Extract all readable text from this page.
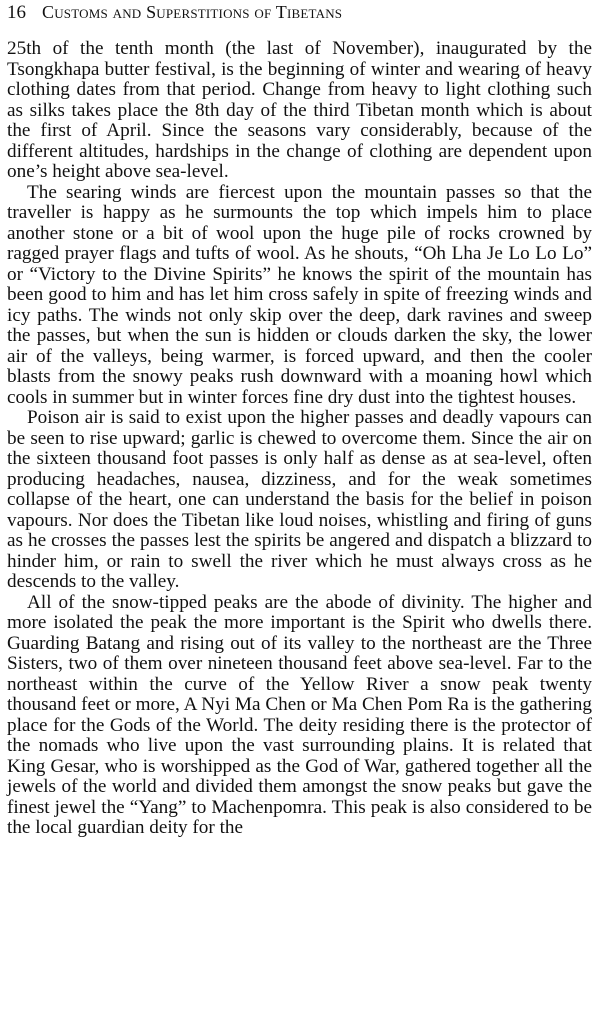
16 Customs and Superstitions of Tibetans

25th of the tenth month (the last of November), inaugurated by the Tsongkhapa butter festival, is the beginning of winter and wearing of heavy clothing dates from that period. Change from heavy to light clothing such as silks takes place the 8th day of the third Tibetan month which is about the first of April. Since the seasons vary considerably, because of the different altitudes, hardships in the change of clothing are dependent upon one’s height above sea-level.

The searing winds are fiercest upon the mountain passes so that the traveller is happy as he surmounts the top which impels him to place another stone or a bit of wool upon the huge pile of rocks crowned by ragged prayer flags and tufts of wool. As he shouts, “Oh Lha Je Lo Lo Lo” or “Victory to the Divine Spirits” he knows the spirit of the mountain has been good to him and has let him cross safely in spite of freezing winds and icy paths. The winds not only skip over the deep, dark ravines and sweep the passes, but when the sun is hidden or clouds darken the sky, the lower air of the valleys, being warmer, is forced upward, and then the cooler blasts from the snowy peaks rush downward with a moaning howl which cools in summer but in winter forces fine dry dust into the tightest houses.

Poison air is said to exist upon the higher passes and deadly vapours can be seen to rise upward; garlic is chewed to overcome them. Since the air on the sixteen thousand foot passes is only half as dense as at sea-level, often producing headaches, nausea, dizziness, and for the weak sometimes collapse of the heart, one can understand the basis for the belief in poison vapours. Nor does the Tibetan like loud noises, whistling and firing of guns as he crosses the passes lest the spirits be angered and dispatch a blizzard to hinder him, or rain to swell the river which he must always cross as he descends to the valley.

All of the snow-tipped peaks are the abode of divinity. The higher and more isolated the peak the more important is the Spirit who dwells there. Guarding Batang and rising out of its valley to the northeast are the Three Sisters, two of them over nineteen thousand feet above sea-level. Far to the northeast within the curve of the Yellow River a snow peak twenty thousand feet or more, A Nyi Ma Chen or Ma Chen Pom Ra is the gathering place for the Gods of the World. The deity residing there is the protector of the nomads who live upon the vast surrounding plains. It is related that King Gesar, who is worshipped as the God of War, gathered together all the jewels of the world and divided them amongst the snow peaks but gave the finest jewel the “Yang” to Machenpomra. This peak is also considered to be the local guardian deity for the
